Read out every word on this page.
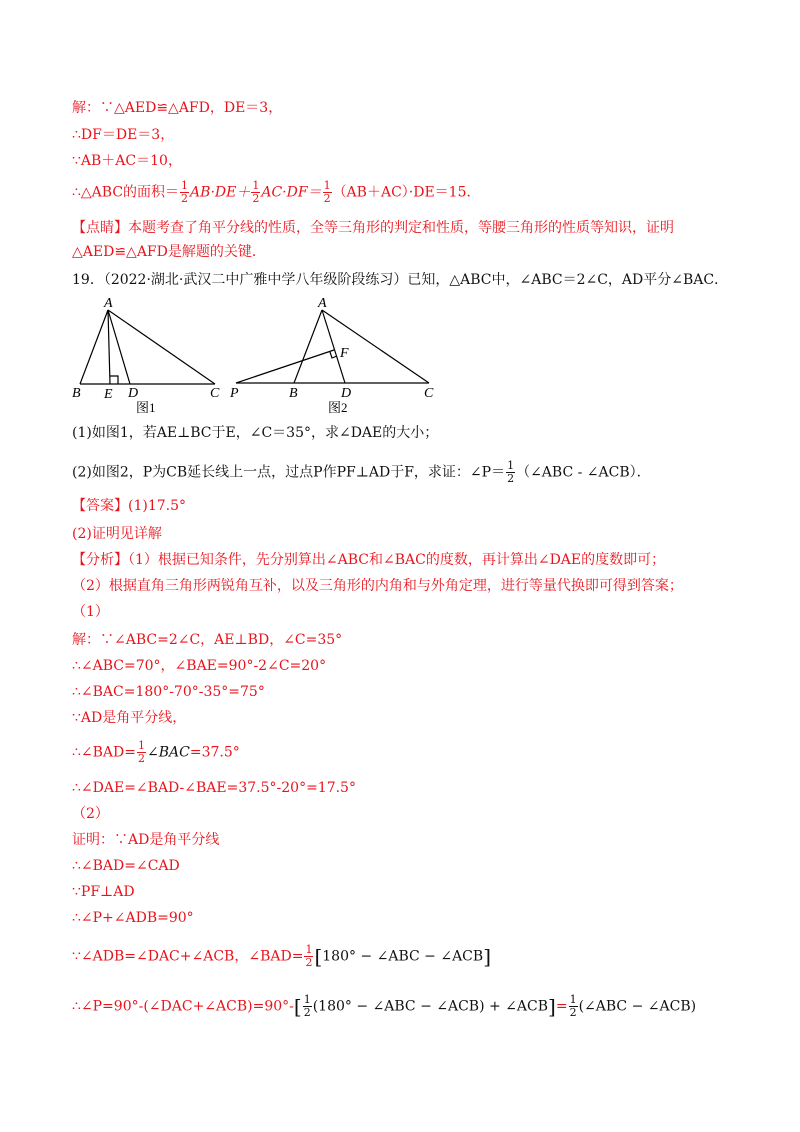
解：∵△AED≌△AFD，DE＝3，
∴DF＝DE＝3，
∵AB＋AC＝10，
∴△ABC的面积＝ $\frac{1}{2} AB\cdot DE+ \frac{1}{2} AC\cdot DF= \frac{1}{2} (AB+AC)\cdot DE=15$．
【点睛】本题考查了角平分线的性质，全等三角形的判定和性质，等腰三角形的性质等知识，证明
△AED≌△AFD是解题的关键．
19．（2022·湖北·武汉二中广雅中学八年级阶段练习）已知，△ABC中，∠ABC＝2∠C，AD平分∠BAC．
A
B E D	C
图1
A
F
P	B	D	C
图2
(1)如图1，若AE⊥BC于E，∠C＝35°，求∠DAE的大小；
(2)如图2，P为CB延长线上一点，过点P作PF⊥AD于F，求证：∠P＝ $\frac{1}{2}$ （∠ABC - ∠ACB）．
【答案】(1)17.5°
(2)证明见详解
【分析】（1）根据已知条件，先分别算出∠ABC和∠BAC的度数，再计算出∠DAE的度数即可；
（2）根据直角三角形两锐角互补，以及三角形的内角和与外角定理，进行等量代换即可得到答案；
（1）
解：∵∠ABC=2∠C，AE⊥BD，∠C=35°
∴∠ABC=70°，∠BAE=90°-2∠C=20°
∴∠BAC=180°-70°-35°=75°
∵AD是角平分线，
∴∠BAD= $\frac{1}{2}$ ∠BAC=37.5°
∴∠DAE=∠BAD-∠BAE=37.5°-20°=17.5°
（2）
证明：∵AD是角平分线
∴∠BAD=∠CAD
∵PF⊥AD
∴∠P+∠ADB=90°
∵∠ADB=∠DAC+∠ACB，∠BAD= $\frac{1}{2} [180^\circ$ − ∠ABC − ∠ACB]
∴∠P=90°-(∠DAC+∠ACB)=90°-[ $\frac{1}{2} (180^\circ$ − ∠ABC − ∠ACB) + ∠ACB]= $\frac{1}{2}$ (∠ABC − ∠ACB)
